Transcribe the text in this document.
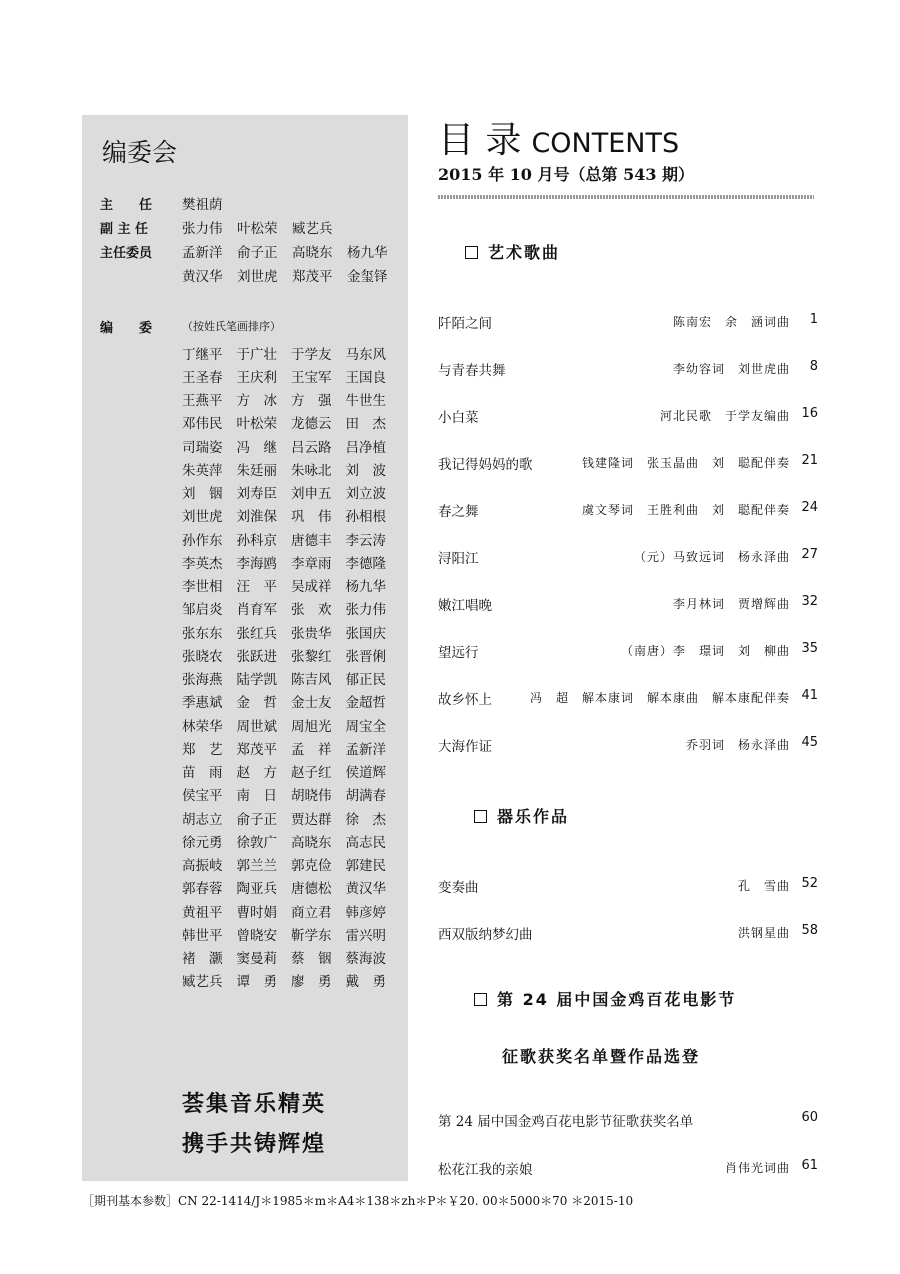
编委会
主　　任	樊祖荫
副 主 任	张力伟	叶松荣	臧艺兵
主任委员	孟新洋	俞子正	高晓东	杨九华
黄汉华	刘世虎	郑茂平	金玺铎
编　　委	（按姓氏笔画排序）
丁继平	于广壮	于学友	马东风
王圣春	王庆利	王宝军	王国良
王燕平	方　冰	方　强	牛世生
邓伟民	叶松荣	龙德云	田　杰
司瑞姿	冯　继	吕云路	吕净植
朱英萍	朱廷丽	朱咏北	刘　波
刘　铟	刘寿臣	刘申五	刘立波
刘世虎	刘淮保	巩　伟	孙相根
孙作东	孙科京	唐德丰	李云涛
李英杰	李海鸥	李章雨	李德隆
李世相	汪　平	吴成祥	杨九华
邹启炎	肖育军	张　欢	张力伟
张东东	张红兵	张贵华	张国庆
张晓农	张跃进	张黎红	张晋俐
张海燕	陆学凯	陈吉风	郁正民
季惠斌	金　哲	金士友	金超哲
林荣华	周世斌	周旭光	周宝全
郑　艺	郑茂平	孟　祥	孟新洋
苗　雨	赵　方	赵子红	侯道辉
侯宝平	南　日	胡晓伟	胡满春
胡志立	俞子正	贾达群	徐　杰
徐元勇	徐敦广	高晓东	高志民
高振岐	郭兰兰	郭克俭	郭建民
郭春蓉	陶亚兵	唐德松	黄汉华
黄祖平	曹时娟	商立君	韩彦婷
韩世平	曾晓安	靳学东	雷兴明
褚　灏	窦曼莉	蔡　铟	蔡海波
臧艺兵	谭　勇	廖　勇	戴　勇
荟集音乐精英
携手共铸辉煌
目 录 CONTENTS
2015 年 10 月号（总第 543 期）
艺术歌曲
阡陌之间	陈南宏　余　涵词曲 1
与青春共舞	李幼容词　刘世虎曲 8
小白菜	河北民歌　于学友编曲 16
我记得妈妈的歌	钱建隆词　张玉晶曲　刘　聪配伴奏 21
春之舞	虞文琴词　王胜利曲　刘　聪配伴奏 24
浔阳江	（元）马致远词　杨永泽曲 27
嫩江唱晚	李月林词　贾增辉曲 32
望远行	（南唐）李　璟词　刘　柳曲 35
故乡怀上	冯　超　解本康词　解本康曲　解本康配伴奏 41
大海作证	乔羽词　杨永泽曲 45
器乐作品
变奏曲	孔　雪曲 52
西双版纳梦幻曲	洪钢星曲 58
第 24 届中国金鸡百花电影节
征歌获奖名单暨作品选登
第 24 届中国金鸡百花电影节征歌获奖名单	60
松花江我的亲娘	肖伟光词曲 61
［期刊基本参数］CN 22-1414/J＊1985＊m＊A4＊138＊zh＊P＊￥20. 00＊5000＊70 ＊2015-10
